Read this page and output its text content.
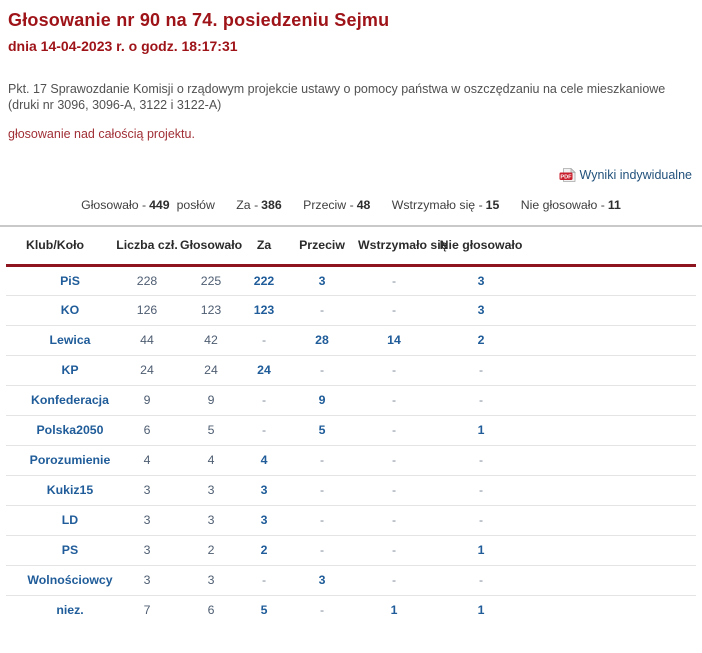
Głosowanie nr 90 na 74. posiedzeniu Sejmu
dnia 14-04-2023 r. o godz. 18:17:31

Pkt. 17 Sprawozdanie Komisji o rządowym projekcie ustawy o pomocy państwa w oszczędzaniu na cele mieszkaniowe (druki nr 3096, 3096-A, 3122 i 3122-A)

głosowanie nad całością projektu.
PDF Wyniki indywidualne
Głosowało - 449 posłów Za - 386 Przeciw - 48 Wstrzymało się - 15 Nie głosowało - 11
Klub/Koło	Liczba czł.	Głosowało	Za	Przeciw	Wstrzymało się	Nie głosowało	
PiS	228	225	222	3	-	3	
KO	126	123	123	-	-	3	
Lewica	44	42	-	28	14	2	
KP	24	24	24	-	-	-	
Konfederacja	9	9	-	9	-	-	
Polska2050	6	5	-	5	-	1	
Porozumienie	4	4	4	-	-	-	
Kukiz15	3	3	3	-	-	-	
LD	3	3	3	-	-	-	
PS	3	2	2	-	-	1	
Wolnościowcy	3	3	-	3	-	-	
niez.	7	6	5	-	1	1	
